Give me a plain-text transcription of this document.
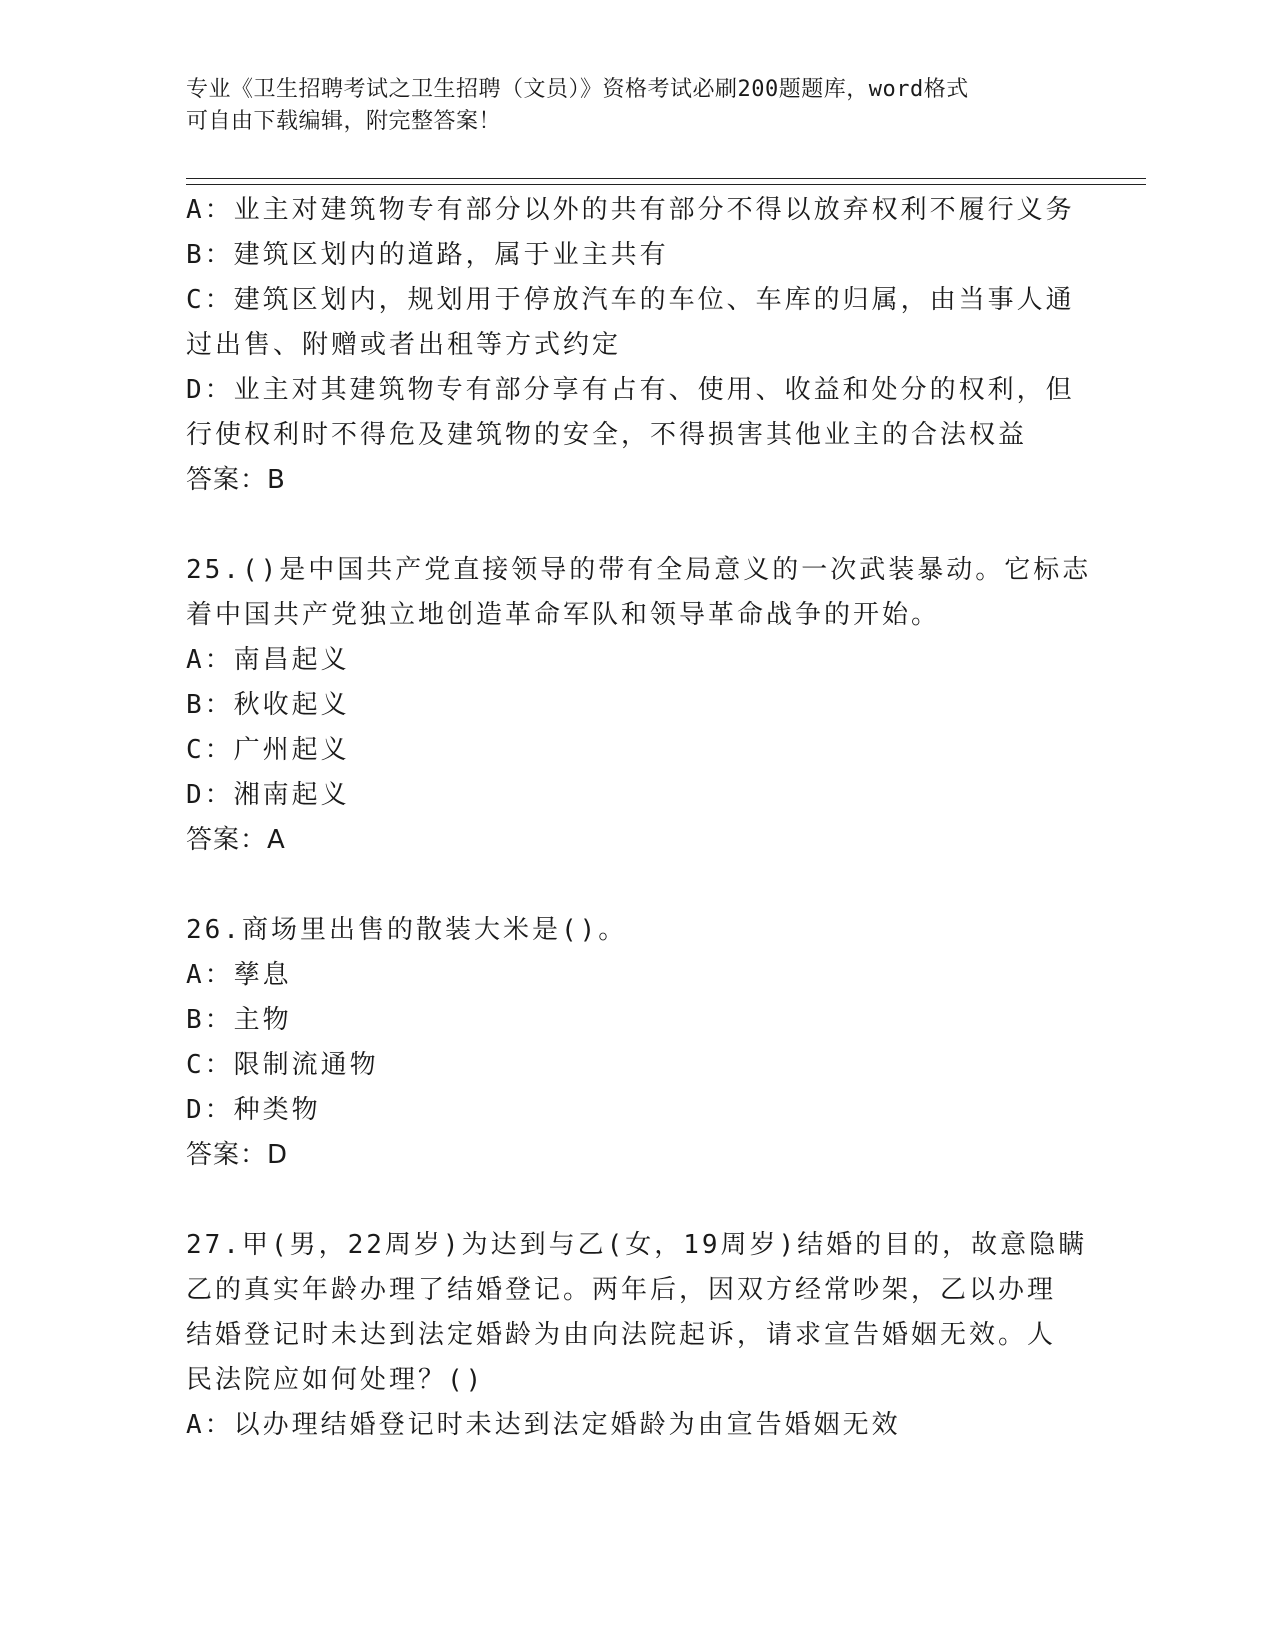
专业《卫生招聘考试之卫生招聘（文员）》资格考试必刷200题题库，word格式
可自由下载编辑，附完整答案！
A：业主对建筑物专有部分以外的共有部分不得以放弃权利不履行义务
B：建筑区划内的道路，属于业主共有
C：建筑区划内，规划用于停放汽车的车位、车库的归属，由当事人通
过出售、附赠或者出租等方式约定
D：业主对其建筑物专有部分享有占有、使用、收益和处分的权利，但
行使权利时不得危及建筑物的安全，不得损害其他业主的合法权益
答案：B
25.()是中国共产党直接领导的带有全局意义的一次武装暴动。它标志
着中国共产党独立地创造革命军队和领导革命战争的开始。
A：南昌起义
B：秋收起义
C：广州起义
D：湘南起义
答案：A
26.商场里出售的散装大米是()。
A：孳息
B：主物
C：限制流通物
D：种类物
答案：D
27.甲(男，22周岁)为达到与乙(女，19周岁)结婚的目的，故意隐瞒
乙的真实年龄办理了结婚登记。两年后，因双方经常吵架，乙以办理
结婚登记时未达到法定婚龄为由向法院起诉，请求宣告婚姻无效。人
民法院应如何处理？()
A：以办理结婚登记时未达到法定婚龄为由宣告婚姻无效
